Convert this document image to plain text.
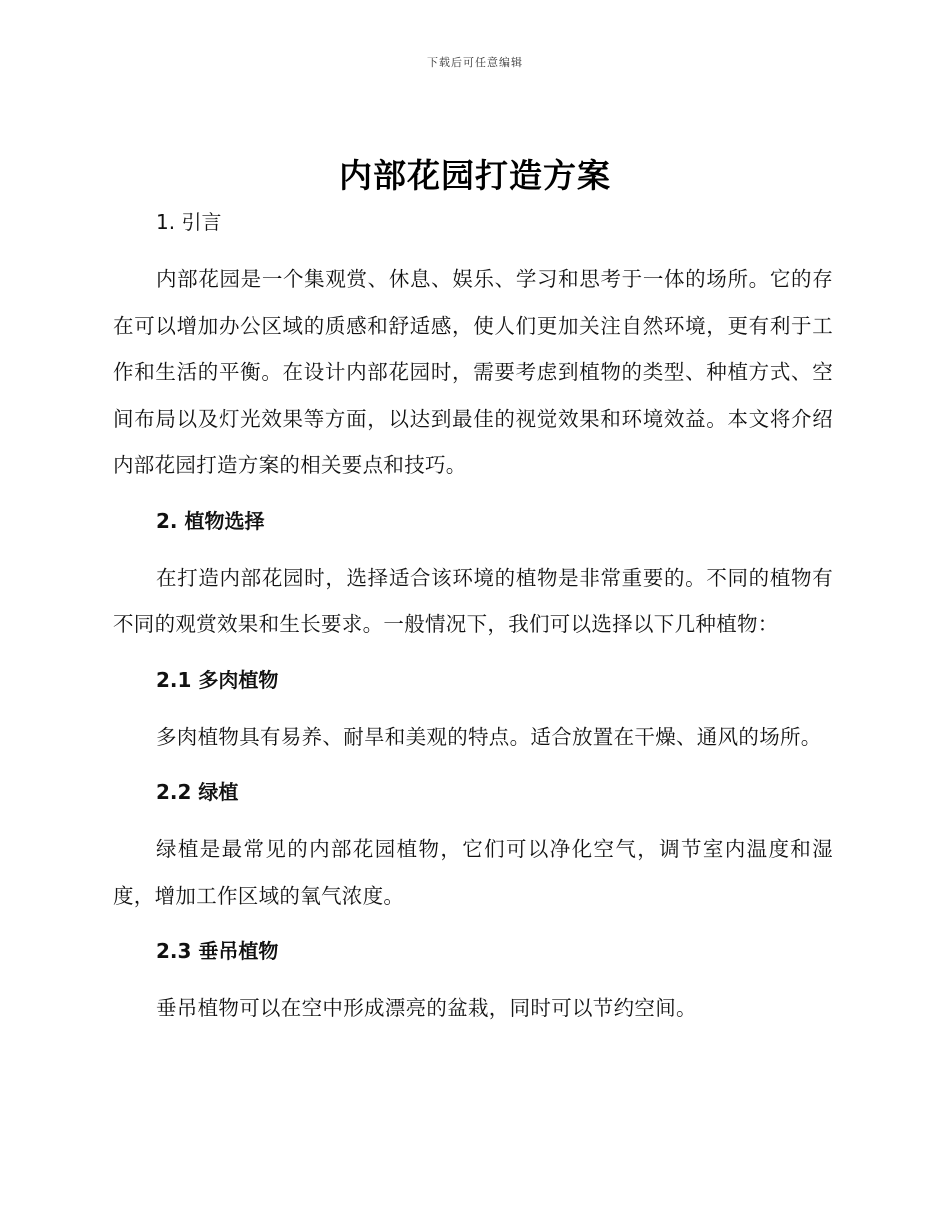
下载后可任意编辑
内部花园打造方案
1. 引言

内部花园是一个集观赏、休息、娱乐、学习和思考于一体的场所。它的存在可以增加办公区域的质感和舒适感，使人们更加关注自然环境，更有利于工作和生活的平衡。在设计内部花园时，需要考虑到植物的类型、种植方式、空间布局以及灯光效果等方面，以达到最佳的视觉效果和环境效益。本文将介绍内部花园打造方案的相关要点和技巧。

2. 植物选择

在打造内部花园时，选择适合该环境的植物是非常重要的。不同的植物有不同的观赏效果和生长要求。一般情况下，我们可以选择以下几种植物：

2.1 多肉植物

多肉植物具有易养、耐旱和美观的特点。适合放置在干燥、通风的场所。

2.2 绿植

绿植是最常见的内部花园植物，它们可以净化空气，调节室内温度和湿度，增加工作区域的氧气浓度。

2.3 垂吊植物

垂吊植物可以在空中形成漂亮的盆栽，同时可以节约空间。
